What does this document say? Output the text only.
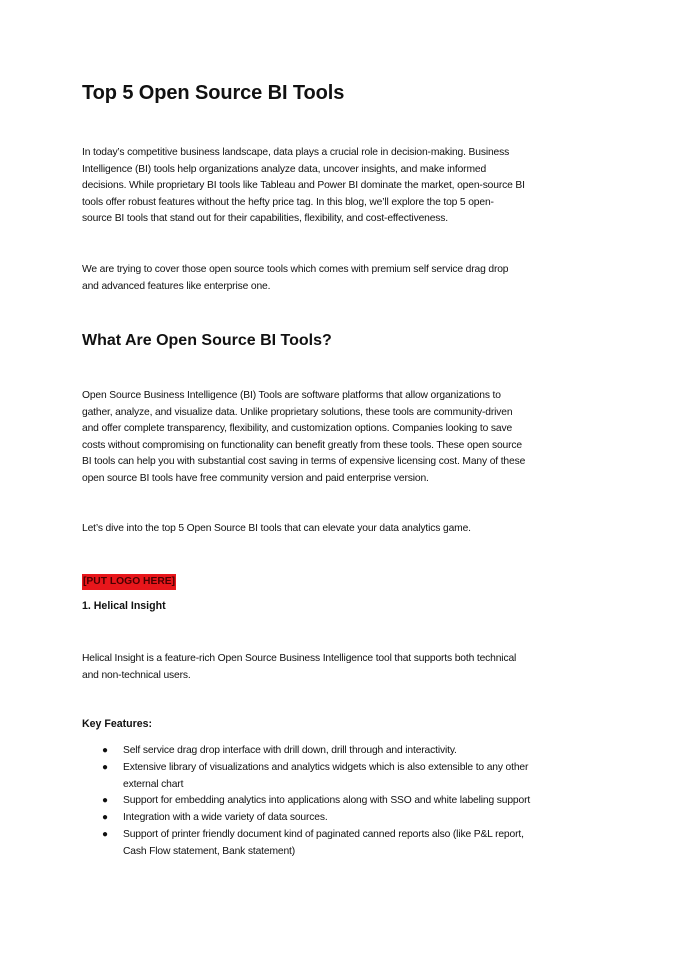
Top 5 Open Source BI Tools

In today’s competitive business landscape, data plays a crucial role in decision-making. Business
Intelligence (BI) tools help organizations analyze data, uncover insights, and make informed
decisions. While proprietary BI tools like Tableau and Power BI dominate the market, open-source BI
tools offer robust features without the hefty price tag. In this blog, we’ll explore the top 5 open-
source BI tools that stand out for their capabilities, flexibility, and cost-effectiveness.

We are trying to cover those open source tools which comes with premium self service drag drop
and advanced features like enterprise one.

What Are Open Source BI Tools?

Open Source Business Intelligence (BI) Tools are software platforms that allow organizations to
gather, analyze, and visualize data. Unlike proprietary solutions, these tools are community-driven
and offer complete transparency, flexibility, and customization options. Companies looking to save
costs without compromising on functionality can benefit greatly from these tools. These open source
BI tools can help you with substantial cost saving in terms of expensive licensing cost. Many of these
open source BI tools have free community version and paid enterprise version.

Let’s dive into the top 5 Open Source BI tools that can elevate your data analytics game.

[PUT LOGO HERE]
1. Helical Insight

Helical Insight is a feature-rich Open Source Business Intelligence tool that supports both technical
and non-technical users.

Key Features:
● Self service drag drop interface with drill down, drill through and interactivity.
● Extensive library of visualizations and analytics widgets which is also extensible to any other
external chart
● Support for embedding analytics into applications along with SSO and white labeling support
● Integration with a wide variety of data sources.
● Support of printer friendly document kind of paginated canned reports also (like P&L report,
Cash Flow statement, Bank statement)
